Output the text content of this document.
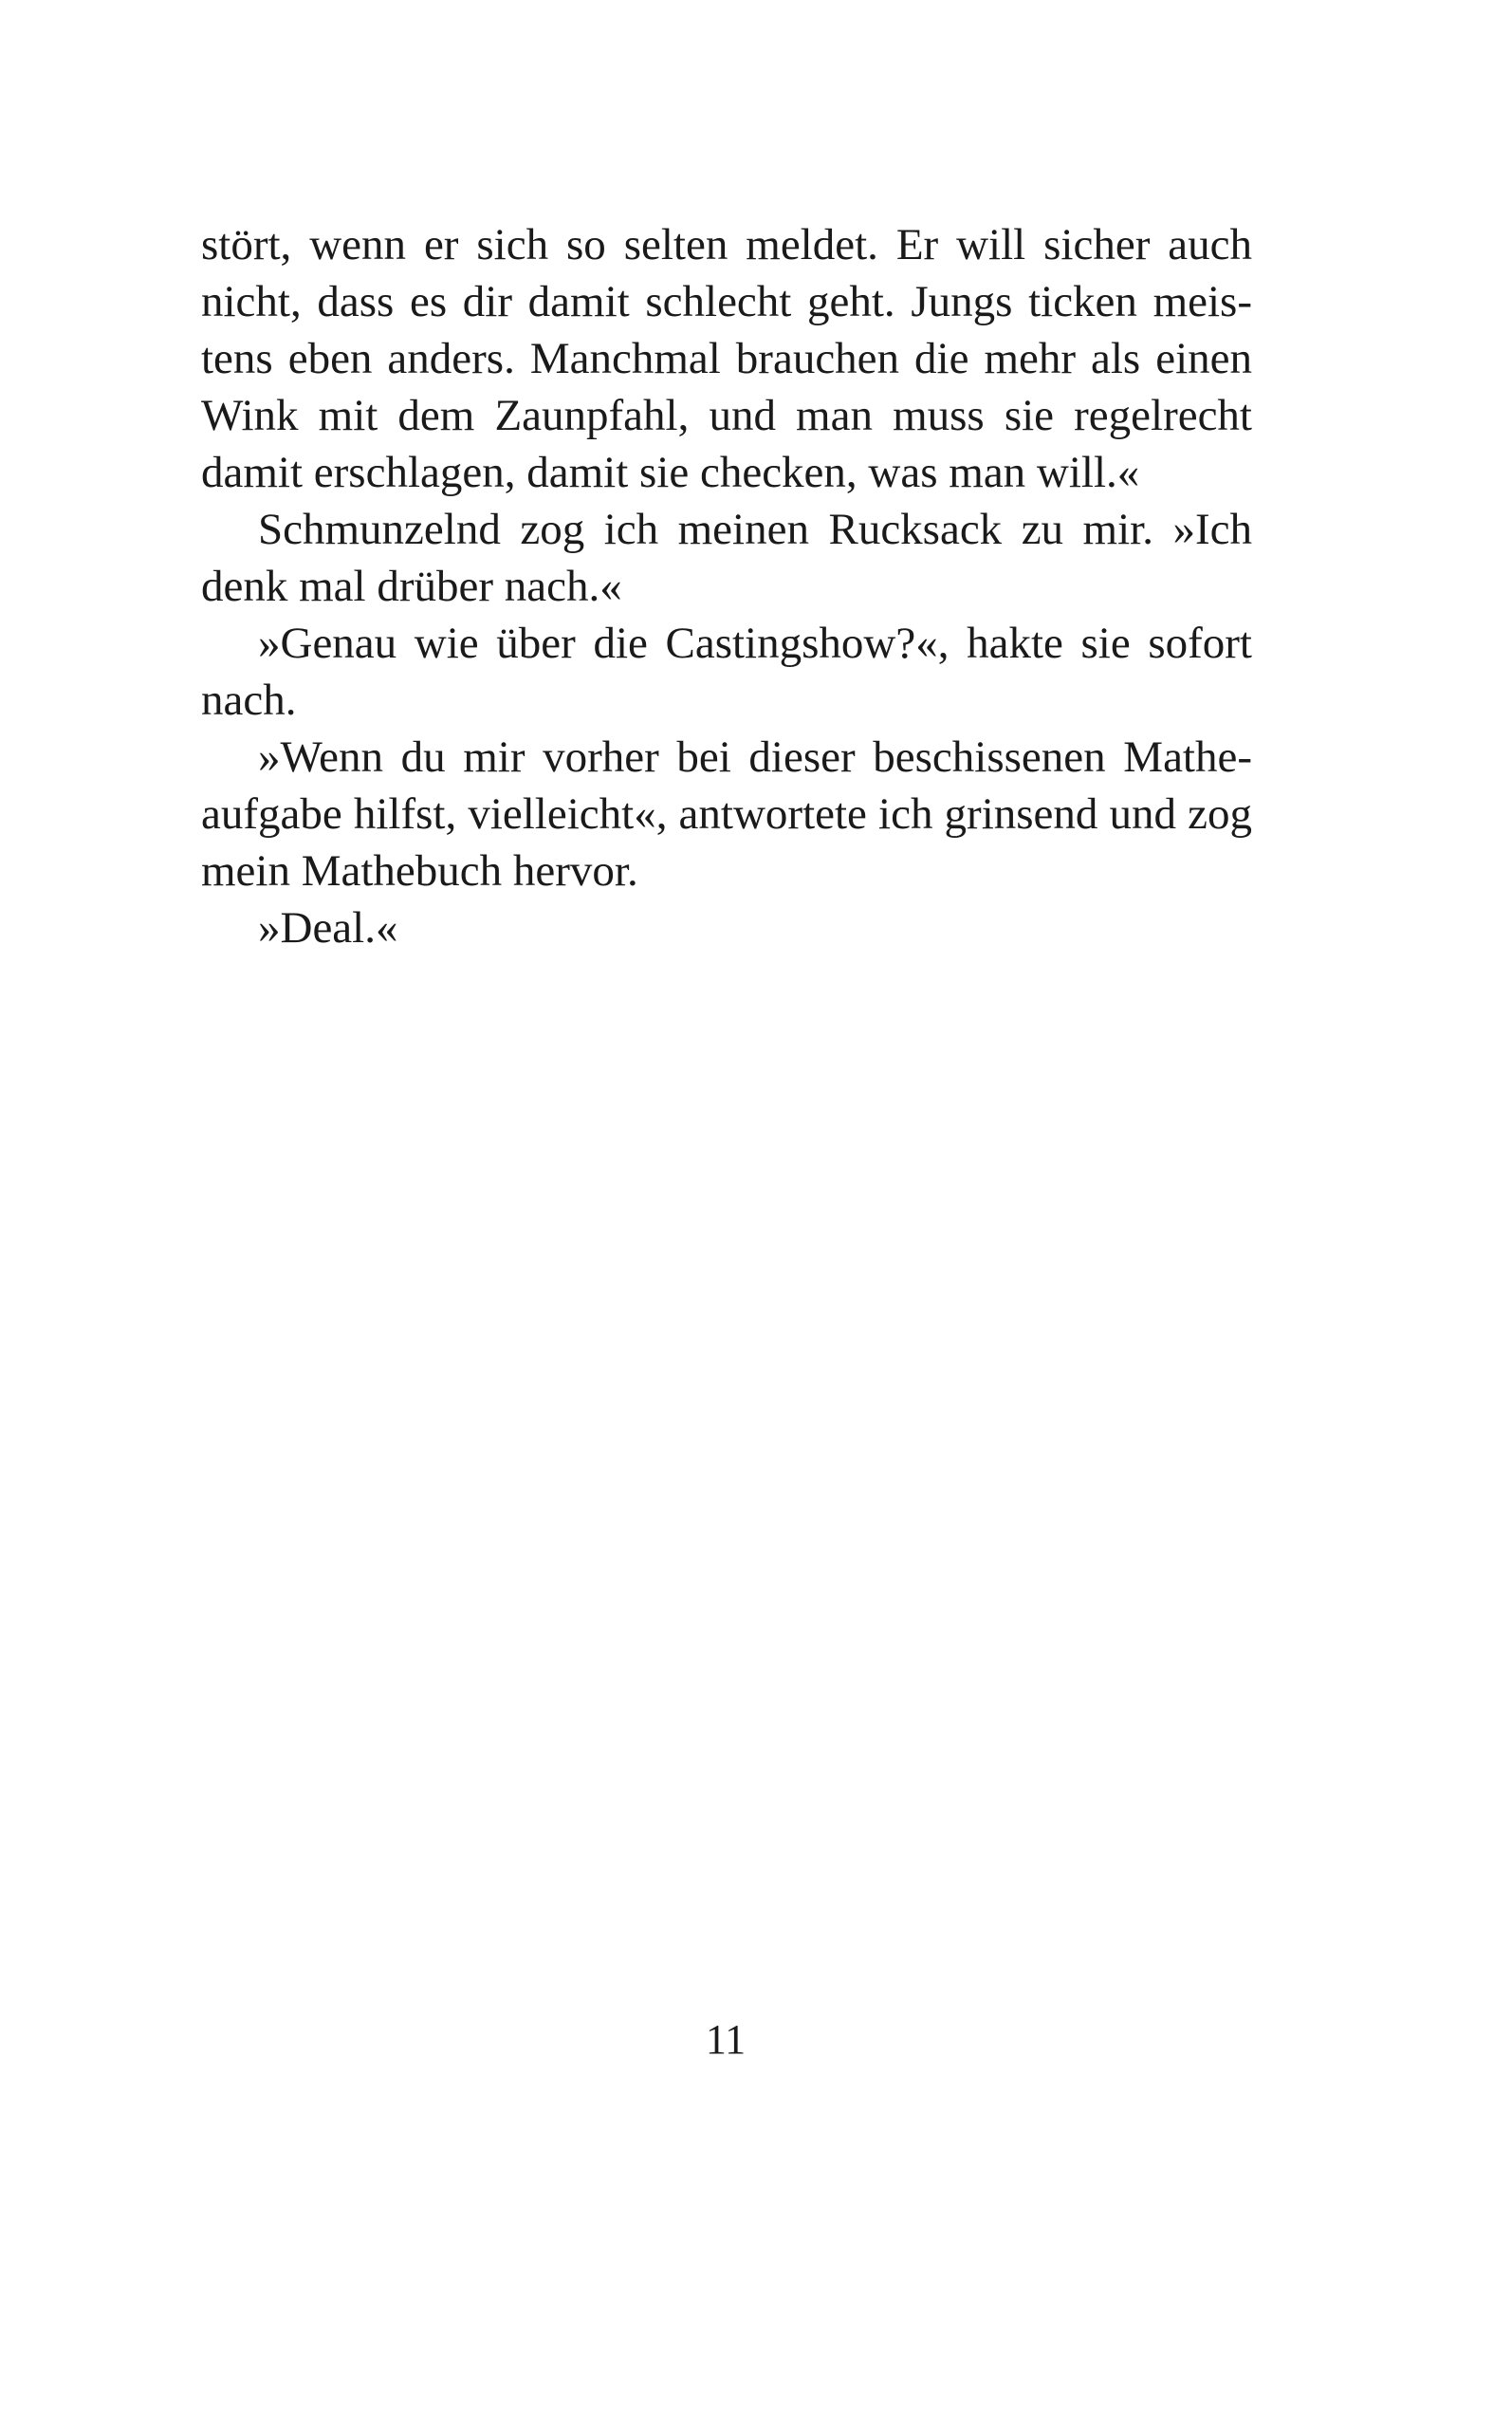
stört, wenn er sich so selten meldet. Er will sicher auch
nicht, dass es dir damit schlecht geht. Jungs ticken meis-
tens eben anders. Manchmal brauchen die mehr als einen
Wink mit dem Zaunpfahl, und man muss sie regelrecht
damit erschlagen, damit sie checken, was man will.«
Schmunzelnd zog ich meinen Rucksack zu mir. »Ich
denk mal drüber nach.«
»Genau wie über die Castingshow?«, hakte sie sofort
nach.
»Wenn du mir vorher bei dieser beschissenen Mathe-
aufgabe hilfst, vielleicht«, antwortete ich grinsend und zog
mein Mathebuch hervor.
»Deal.«
11
